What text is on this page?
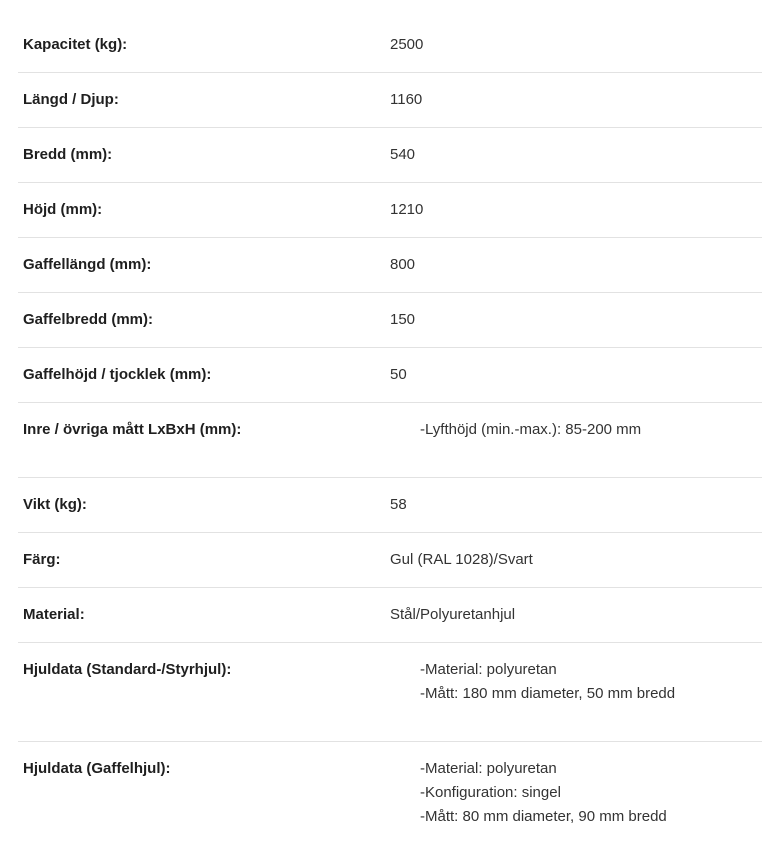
Kapacitet (kg):	2500
Längd / Djup:	1160
Bredd (mm):	540
Höjd (mm):	1210
Gaffellängd (mm):	800
Gaffelbredd (mm):	150
Gaffelhöjd / tjocklek (mm):	50
Inre / övriga mått LxBxH (mm):	-Lyfthöjd (min.-max.): 85-200 mm
Vikt (kg):	58
Färg:	Gul (RAL 1028)/Svart
Material:	Stål/Polyuretanhjul
Hjuldata (Standard-/Styrhjul):	-Material: polyuretan
-Mått: 180 mm diameter, 50 mm bredd
Hjuldata (Gaffelhjul):	-Material: polyuretan
-Konfiguration: singel
-Mått: 80 mm diameter, 90 mm bredd
